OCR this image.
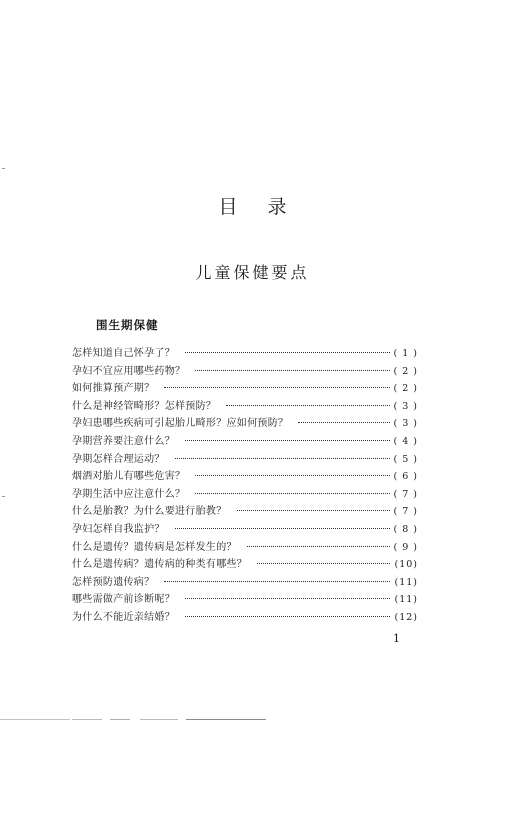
目录
儿童保健要点
围生期保健
怎样知道自己怀孕了？	( 1 )
孕妇不宜应用哪些药物？	( 2 )
如何推算预产期？	( 2 )
什么是神经管畸形？怎样预防？	( 3 )
孕妇患哪些疾病可引起胎儿畸形？应如何预防？	( 3 )
孕期营养要注意什么？	( 4 )
孕期怎样合理运动？	( 5 )
烟酒对胎儿有哪些危害？	( 6 )
孕期生活中应注意什么？	( 7 )
什么是胎教？为什么要进行胎教？	( 7 )
孕妇怎样自我监护？	( 8 )
什么是遗传？遗传病是怎样发生的？	( 9 )
什么是遗传病？遗传病的种类有哪些？	(10)
怎样预防遗传病？	(11)
哪些需做产前诊断呢？	(11)
为什么不能近亲结婚？	(12)
1
